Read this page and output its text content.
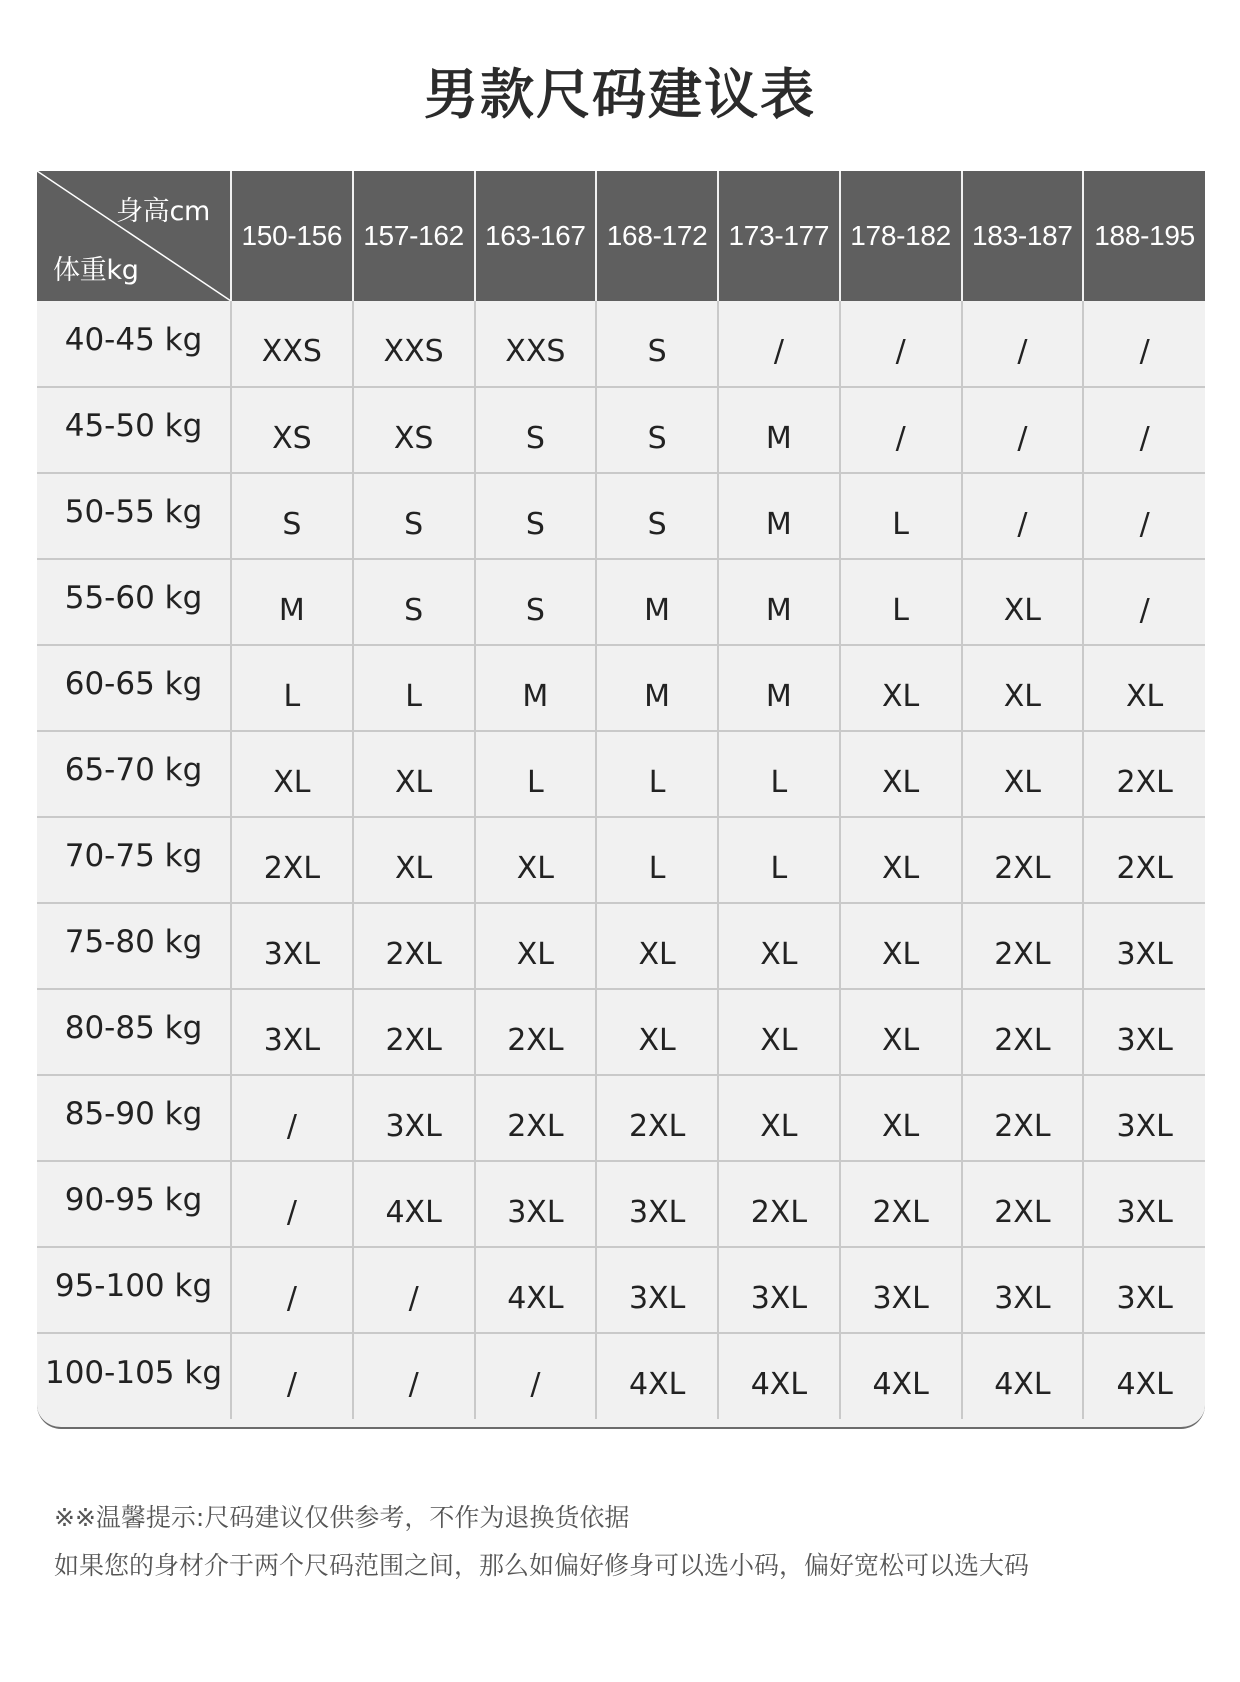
男款尺码建议表
身高cm
体重kg	150-156	157-162	163-167	168-172	173-177	178-182	183-187	188-195
40-45 kg	XXS	XXS	XXS	S	/	/	/	/
45-50 kg	XS	XS	S	S	M	/	/	/
50-55 kg	S	S	S	S	M	L	/	/
55-60 kg	M	S	S	M	M	L	XL	/
60-65 kg	L	L	M	M	M	XL	XL	XL
65-70 kg	XL	XL	L	L	L	XL	XL	2XL
70-75 kg	2XL	XL	XL	L	L	XL	2XL	2XL
75-80 kg	3XL	2XL	XL	XL	XL	XL	2XL	3XL
80-85 kg	3XL	2XL	2XL	XL	XL	XL	2XL	3XL
85-90 kg	/	3XL	2XL	2XL	XL	XL	2XL	3XL
90-95 kg	/	4XL	3XL	3XL	2XL	2XL	2XL	3XL
95-100 kg	/	/	4XL	3XL	3XL	3XL	3XL	3XL
100-105 kg	/	/	/	4XL	4XL	4XL	4XL	4XL
※※温馨提示:尺码建议仅供参考，不作为退换货依据
如果您的身材介于两个尺码范围之间，那么如偏好修身可以选小码，偏好宽松可以选大码
